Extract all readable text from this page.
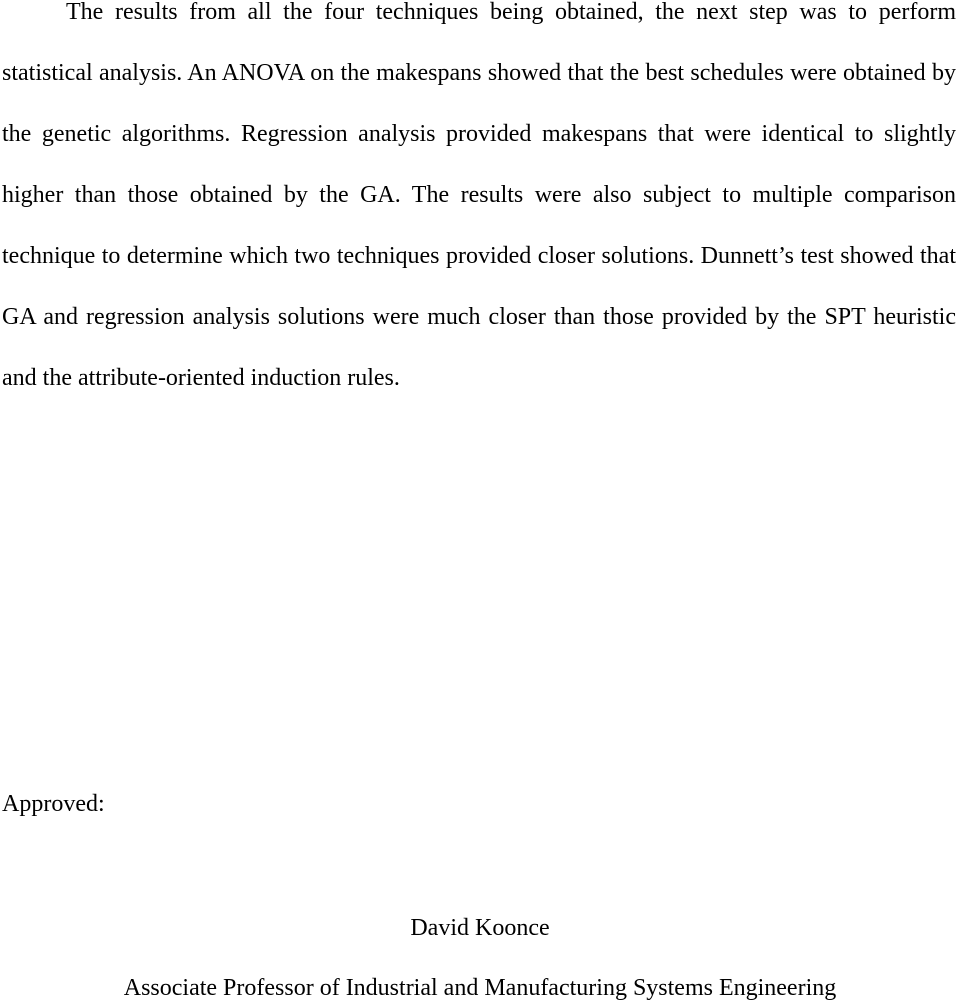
The results from all the four techniques being obtained, the next step was to perform statistical analysis. An ANOVA on the makespans showed that the best schedules were obtained by the genetic algorithms. Regression analysis provided makespans that were identical to slightly higher than those obtained by the GA. The results were also subject to multiple comparison technique to determine which two techniques provided closer solutions. Dunnett’s test showed that GA and regression analysis solutions were much closer than those provided by the SPT heuristic and the attribute-oriented induction rules.

Approved:

David Koonce

Associate Professor of Industrial and Manufacturing Systems Engineering
